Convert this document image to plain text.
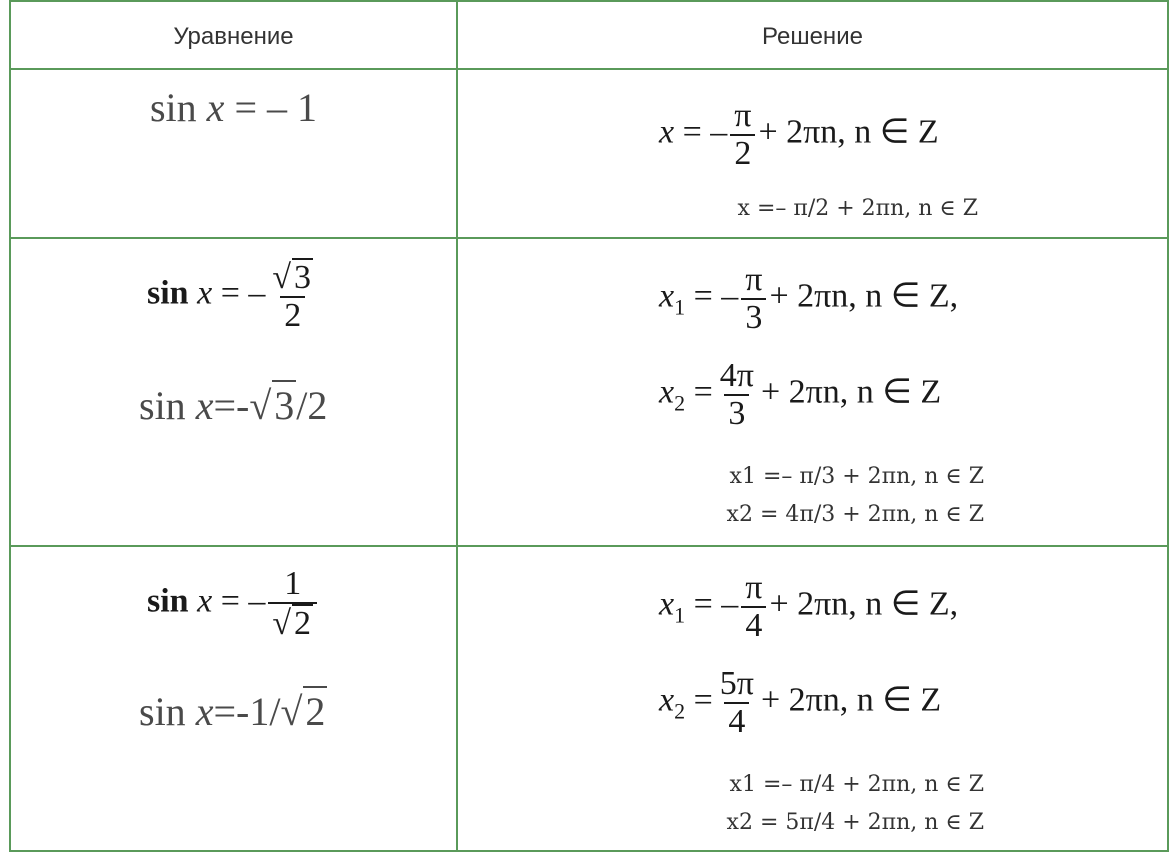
Уравнение	Решение
sin x = – 1
x = – $\frac{\pi}{2} + 2\pi n$, n ∈ Z
x =– π/2 + 2πn, n ∈ Z
sin x = – $\frac{√3}{2}$
sin x=-√3/2
$x_1$ = – $\frac{\pi}{3} + 2\pi n$, n ∈ Z,
$x_2 = \frac{4\pi}{3} + 2\pi n$, n ∈ Z
x1 =– π/3 + 2πn, n ∈ Z
x2 = 4π/3 + 2πn, n ∈ Z
sin x = – $\frac{1}{√2}$
sin x=-1/√2
$x_1$ = – $\frac{\pi}{4} + 2\pi n$, n ∈ Z,
$x_2 = \frac{5\pi}{4} + 2\pi n$, n ∈ Z
x1 =– π/4 + 2πn, n ∈ Z
x2 = 5π/4 + 2πn, n ∈ Z
